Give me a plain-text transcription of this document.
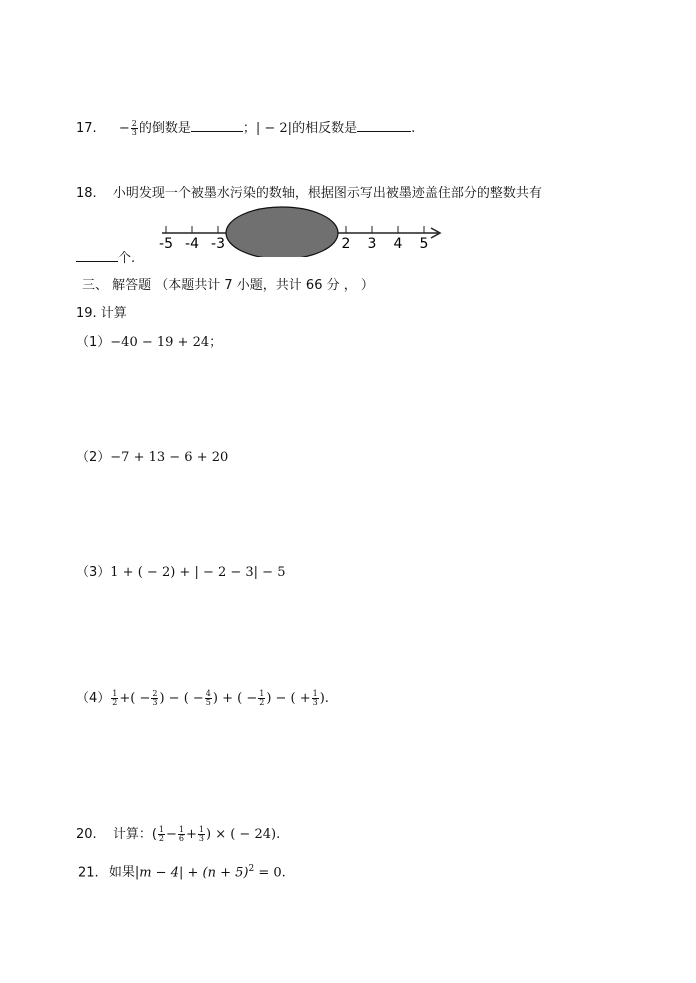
17. − $\frac{2}{3}$ 的倒数是	；| − 2|的相反数是	.
18. 小明发现一个被墨水污染的数轴，根据图示写出被墨迹盖住部分的整数共有
-5 -4 -3	2 3 4 5
个.
三、 解答题 （本题共计 7 小题，共计 66 分 ， ）
19. 计算
（1）−40 − 19 + 24；
（2）−7 + 13 − 6 + 20
（3）1 + ( − 2) + | − 2 − 3| − 5
$(4) \frac{1}{2}$ +( − $\frac{2}{3}$ ) − ( − $\frac{4}{5}$ ) + ( − $\frac{1}{2}$ ) − ( + $\frac{1}{3}$ ).
20. 计算：( $\frac{1}{2} - \frac{1}{6} + \frac{1}{3}$ ) × ( − 24).
21. 如果$|m - 4| + (n + 5)^2 = 0$.
